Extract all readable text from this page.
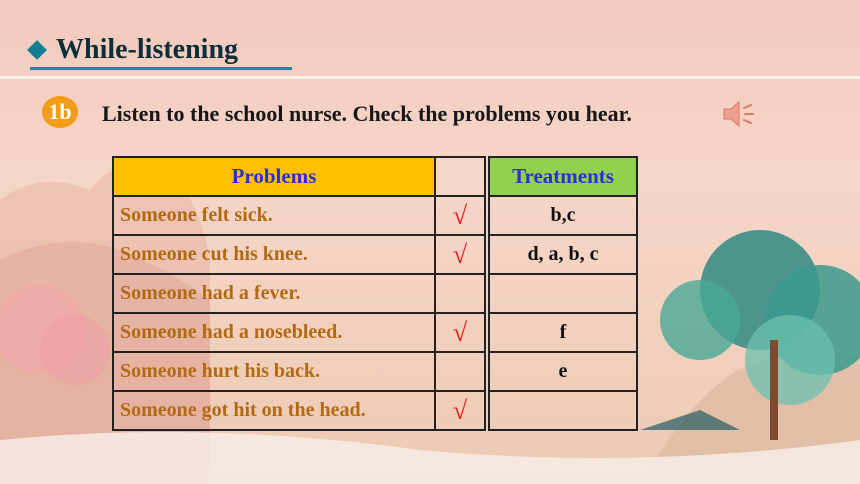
While-listening
1b Listen to the school nurse. Check the problems you hear.
Problems			Treatments
Someone felt sick.	√		b,c
Someone cut his knee.	√		d, a, b, c
Someone had a fever.			
Someone had a nosebleed.	√		f
Someone hurt his back.			e
Someone got hit on the head.	√		
